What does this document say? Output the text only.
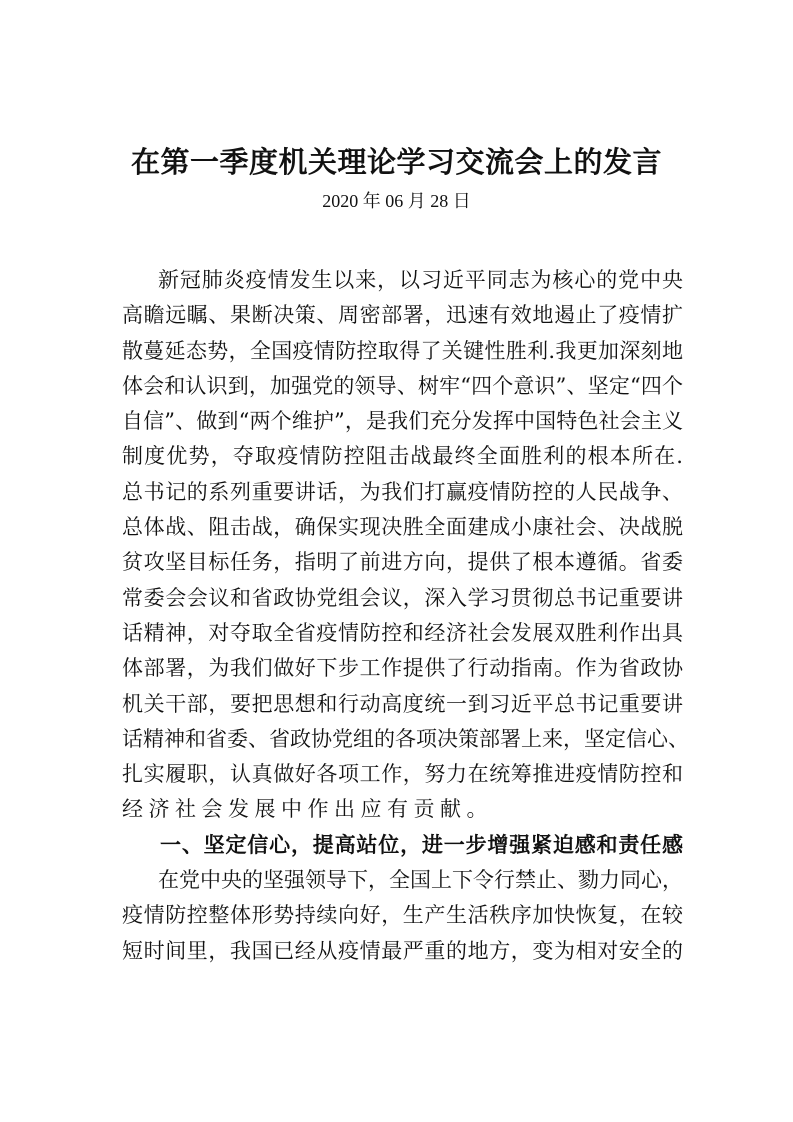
在第一季度机关理论学习交流会上的发言
2020 年 06 月 28 日
新冠肺炎疫情发生以来，以习近平同志为核心的党中央
高瞻远瞩、果断决策、周密部署，迅速有效地遏止了疫情扩
散蔓延态势，全国疫情防控取得了关键性胜利.我更加深刻地
体会和认识到，加强党的领导、树牢“四个意识”、坚定“四个
自信”、做到“两个维护”，是我们充分发挥中国特色社会主义
制度优势，夺取疫情防控阻击战最终全面胜利的根本所在.
总书记的系列重要讲话，为我们打赢疫情防控的人民战争、
总体战、阻击战，确保实现决胜全面建成小康社会、决战脱
贫攻坚目标任务，指明了前进方向，提供了根本遵循。省委
常委会会议和省政协党组会议，深入学习贯彻总书记重要讲
话精神，对夺取全省疫情防控和经济社会发展双胜利作出具
体部署，为我们做好下步工作提供了行动指南。作为省政协
机关干部，要把思想和行动高度统一到习近平总书记重要讲
话精神和省委、省政协党组的各项决策部署上来，坚定信心、
扎实履职，认真做好各项工作，努力在统筹推进疫情防控和
经济社会发展中作出应有贡献。
一、坚定信心，提高站位，进一步增强紧迫感和责任感
在党中央的坚强领导下，全国上下令行禁止、勠力同心，
疫情防控整体形势持续向好，生产生活秩序加快恢复，在较
短时间里，我国已经从疫情最严重的地方，变为相对安全的
